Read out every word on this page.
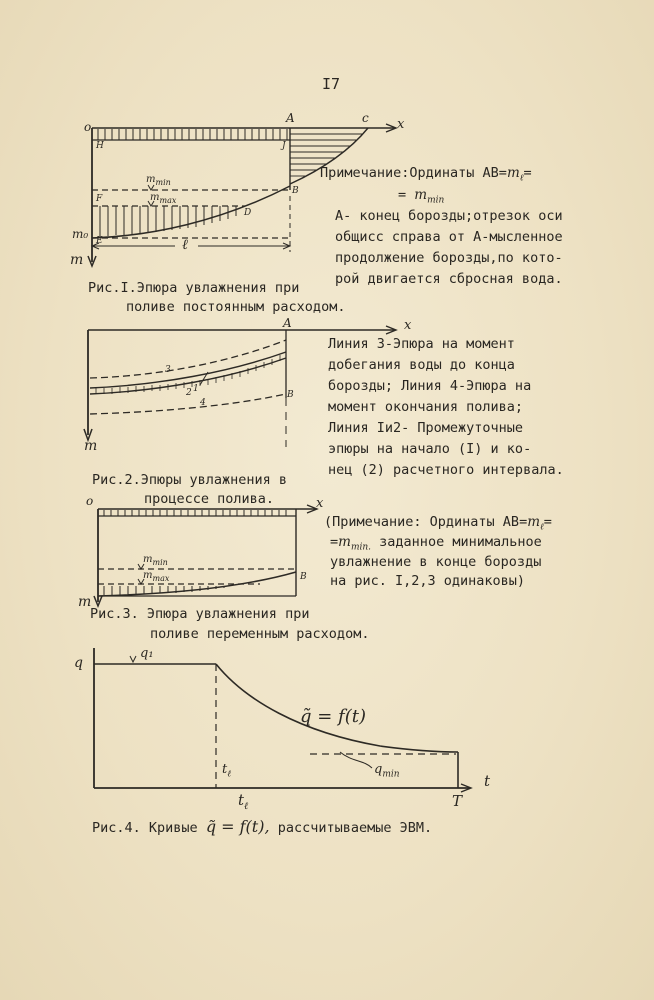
I7
o
A	c x
H	J
B
F
D
E
m₀
m
ℓ
$m_{min}$
$m_{max}$
Примечание:Ординаты $АВ=m_\ell=$
= $m_{min}$
А- конец борозды;отрезок оси
общисс справа от А-мысленное
продолжение борозды,по кото-
рой двигается сбросная вода.
Рис.I.Эпюра увлажнения при
поливе постоянным расходом.
A	x
B
m
3
2 1
4
Линия 3-Эпюра на момент
добегания воды до конца
борозды; Линия 4-Эпюра на
момент окончания полива;
Линия Iи2- Промежуточные
эпюры на начало (I) и ко-
нец (2) расчетного интервала.
Рис.2.Эпюры увлажнения в
процессе полива.
o	x
B
m
$m_{min}$
$m_{max}$
(Примечание: Ординаты $АВ=m_\ell=$
$=m_{min.}$ заданное минимальное
увлажнение в конце борозды
на рис. I,2,3 одинаковы)
Рис.3. Эпюра увлажнения при
поливе переменным расходом.
q
q₁
q̃ = f(t)
$q_{min}$	t
$t_\ell$
$t_\ell$	T
Рис.4. Кривые q̃ = f(t), рассчитываемые ЭВМ.
